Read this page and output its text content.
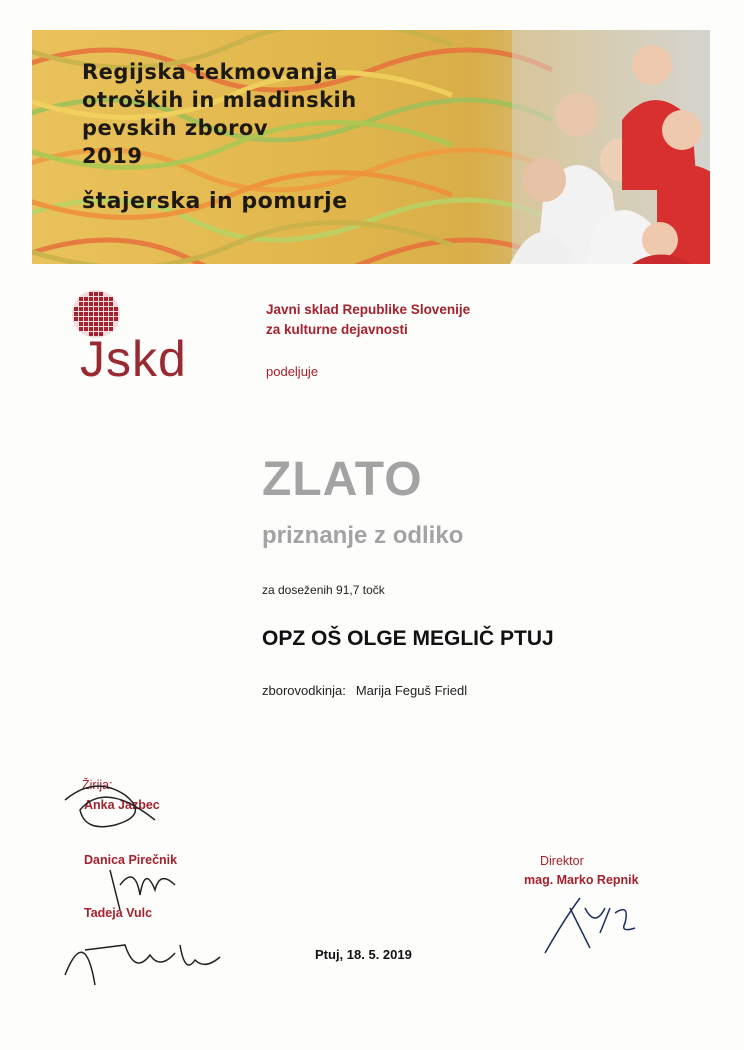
Regijska tekmovanja
otroških in mladinskih
pevskih zborov
2019
štajerska in pomurje
Jskd
Javni sklad Republike Slovenije
za kulturne dejavnosti
podeljuje
ZLATO
priznanje z odliko
za doseženih 91,7 točk
OPZ OŠ OLGE MEGLIČ PTUJ
zborovodkinja: Marija Feguš Friedl
Žirija:
Anka Jazbec
Danica Pirečnik
Tadeja Vulc
Direktor
mag. Marko Repnik
Ptuj, 18. 5. 2019
